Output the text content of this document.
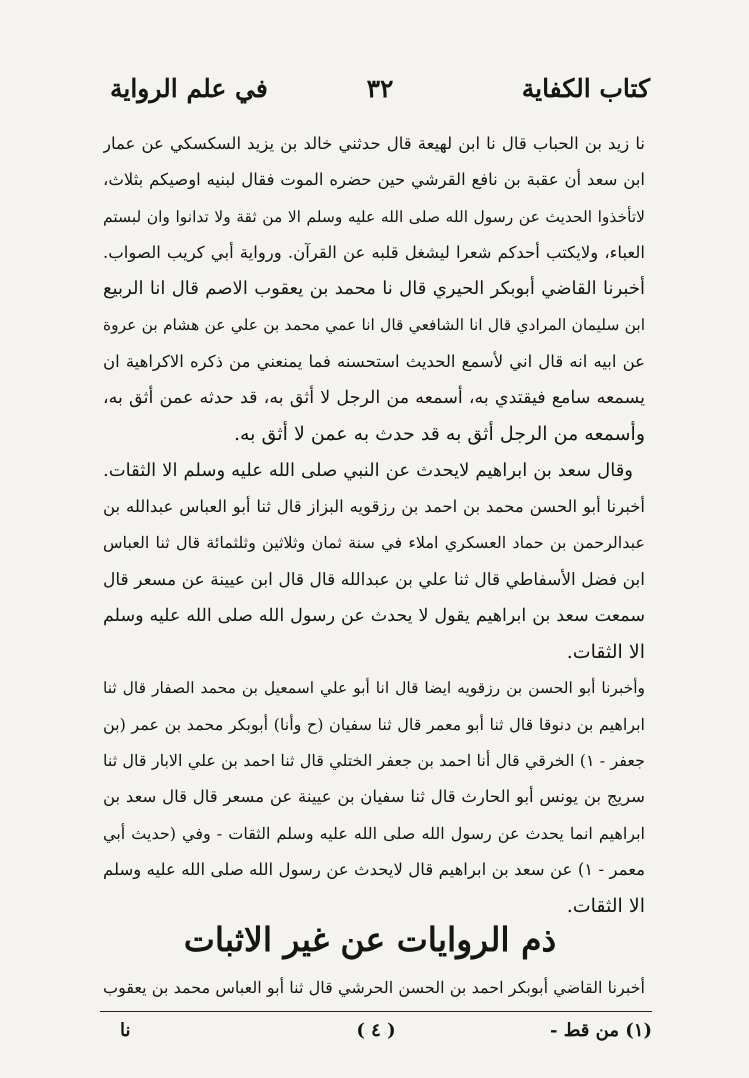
كتاب الكفاية
٣٢
في علم الرواية
نا زيد بن الحباب قال نا ابن لهيعة قال حدثني خالد بن يزيد السكسكي عن عمار
ابن سعد أن عقبة بن نافع القرشي حين حضره الموت فقال لبنيه اوصيكم بثلاث،
لاتأخذوا الحديث عن رسول الله صلى الله عليه وسلم الا من ثقة ولا تدانوا وان لبستم
العباء، ولايكتب أحدكم شعرا ليشغل قلبه عن القرآن. ورواية أبي كريب الصواب.
أخبرنا القاضي أبوبكر الحيري قال نا محمد بن يعقوب الاصم قال انا الربيع
ابن سليمان المرادي قال انا الشافعي قال انا عمي محمد بن علي عن هشام بن عروة
عن ابيه انه قال اني لأسمع الحديث استحسنه فما يمنعني من ذكره الاكراهية ان
يسمعه سامع فيقتدي به، أسمعه من الرجل لا أثق به، قد حدثه عمن أثق به،
وأسمعه من الرجل أثق به قد حدث به عمن لا أثق به.
وقال سعد بن ابراهيم لايحدث عن النبي صلى الله عليه وسلم الا الثقات.
أخبرنا أبو الحسن محمد بن احمد بن رزقويه البزاز قال ثنا أبو العباس عبدالله بن
عبدالرحمن بن حماد العسكري املاء في سنة ثمان وثلاثين وثلثمائة قال ثنا العباس
ابن فضل الأسفاطي قال ثنا علي بن عبدالله قال قال ابن عيينة عن مسعر قال
سمعت سعد بن ابراهيم يقول لا يحدث عن رسول الله صلى الله عليه وسلم
الا الثقات.
وأخبرنا أبو الحسن بن رزقويه ايضا قال انا أبو علي اسمعيل بن محمد الصفار قال ثنا
ابراهيم بن دنوقا قال ثنا أبو معمر قال ثنا سفيان (ح وأنا) أبوبكر محمد بن عمر (بن
جعفر - ١) الخرقي قال أنا احمد بن جعفر الختلي قال ثنا احمد بن علي الابار قال ثنا
سريج بن يونس أبو الحارث قال ثنا سفيان بن عيينة عن مسعر قال قال سعد بن
ابراهيم انما يحدث عن رسول الله صلى الله عليه وسلم الثقات - وفي (حديث أبي
معمر - ١) عن سعد بن ابراهيم قال لايحدث عن رسول الله صلى الله عليه وسلم
الا الثقات.
ذم الروايات عن غير الاثبات
أخبرنا القاضي أبوبكر احمد بن الحسن الحرشي قال ثنا أبو العباس محمد بن يعقوب
(١) من قط -
( ٤ )
نا
